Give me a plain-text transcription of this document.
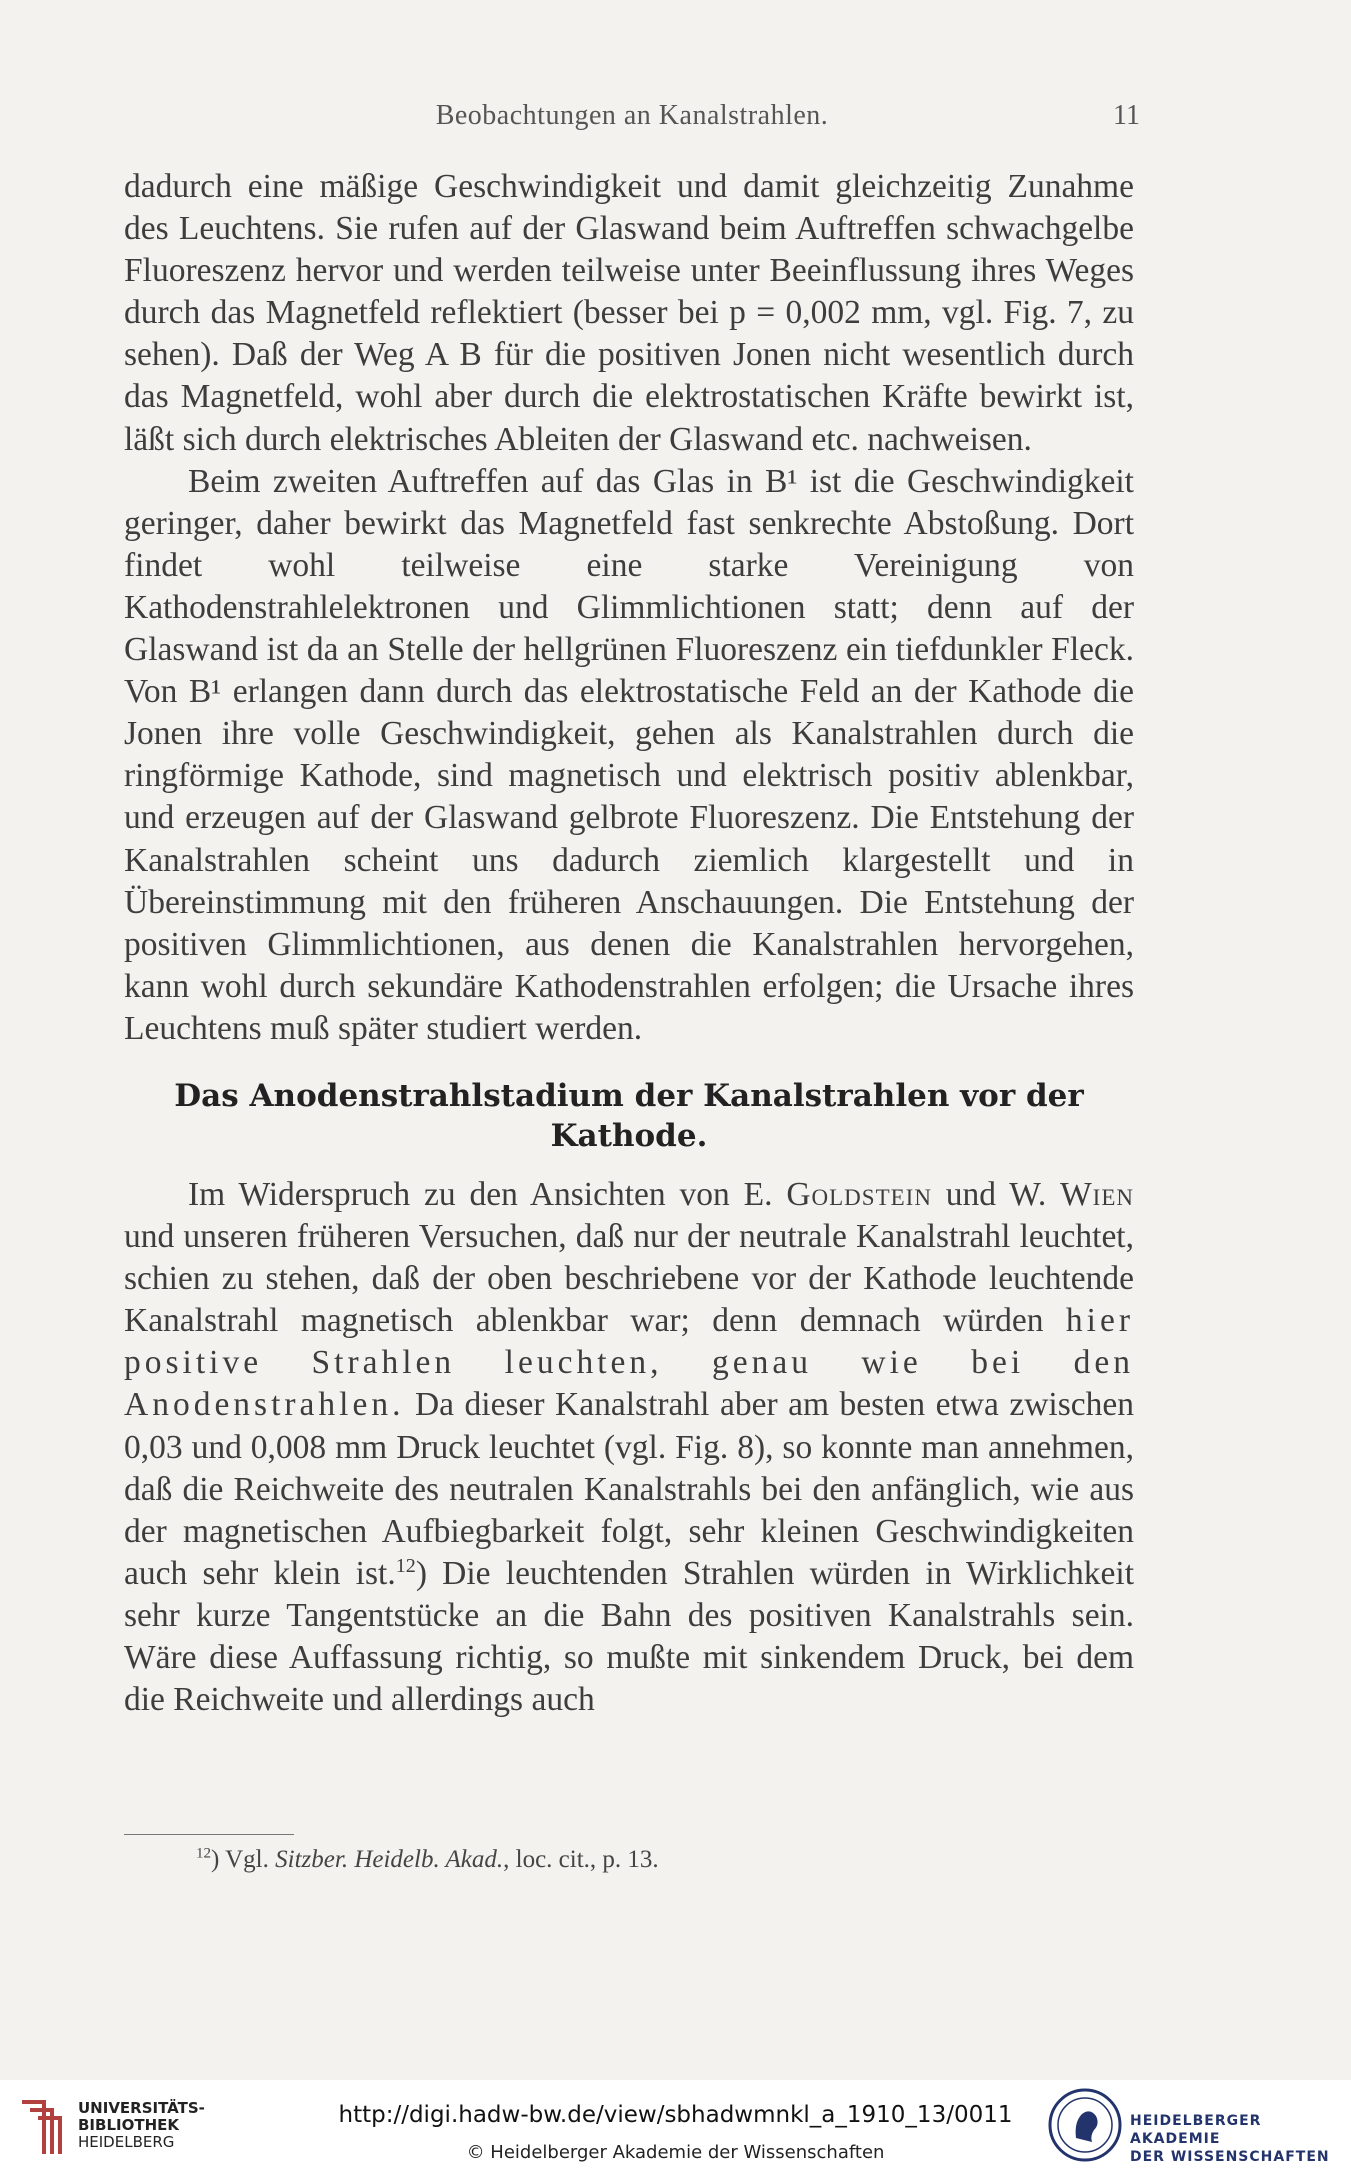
Beobachtungen an Kanalstrahlen.	11

dadurch eine mäßige Geschwindigkeit und damit gleichzeitig Zunahme des Leuchtens. Sie rufen auf der Glaswand beim Auftreffen schwachgelbe Fluoreszenz hervor und werden teilweise unter Beeinflussung ihres Weges durch das Magnetfeld reflektiert (besser bei p = 0,002 mm, vgl. Fig. 7, zu sehen). Daß der Weg A B für die positiven Jonen nicht wesentlich durch das Magnetfeld, wohl aber durch die elektrostatischen Kräfte bewirkt ist, läßt sich durch elektrisches Ableiten der Glaswand etc. nachweisen.

Beim zweiten Auftreffen auf das Glas in B¹ ist die Geschwindigkeit geringer, daher bewirkt das Magnetfeld fast senkrechte Abstoßung. Dort findet wohl teilweise eine starke Vereinigung von Kathodenstrahlelektronen und Glimmlichtionen statt; denn auf der Glaswand ist da an Stelle der hellgrünen Fluoreszenz ein tiefdunkler Fleck. Von B¹ erlangen dann durch das elektrostatische Feld an der Kathode die Jonen ihre volle Geschwindigkeit, gehen als Kanalstrahlen durch die ringförmige Kathode, sind magnetisch und elektrisch positiv ablenkbar, und erzeugen auf der Glaswand gelbrote Fluoreszenz. Die Entstehung der Kanalstrahlen scheint uns dadurch ziemlich klargestellt und in Übereinstimmung mit den früheren Anschauungen. Die Entstehung der positiven Glimmlichtionen, aus denen die Kanalstrahlen hervorgehen, kann wohl durch sekundäre Kathodenstrahlen erfolgen; die Ursache ihres Leuchtens muß später studiert werden.

Das Anodenstrahlstadium der Kanalstrahlen vor der Kathode.

Im Widerspruch zu den Ansichten von E. Goldstein und W. Wien und unseren früheren Versuchen, daß nur der neutrale Kanalstrahl leuchtet, schien zu stehen, daß der oben beschriebene vor der Kathode leuchtende Kanalstrahl magnetisch ablenkbar war; denn demnach würden hier positive Strahlen leuchten, genau wie bei den Anodenstrahlen. Da dieser Kanalstrahl aber am besten etwa zwischen 0,03 und 0,008 mm Druck leuchtet (vgl. Fig. 8), so konnte man annehmen, daß die Reichweite des neutralen Kanalstrahls bei den anfänglich, wie aus der magnetischen Aufbiegbarkeit folgt, sehr kleinen Geschwindigkeiten auch sehr klein ist.$^{12}$) Die leuchtenden Strahlen würden in Wirklichkeit sehr kurze Tangentstücke an die Bahn des positiven Kanalstrahls sein. Wäre diese Auffassung richtig, so mußte mit sinkendem Druck, bei dem die Reichweite und allerdings auch

$^{12}$) Vgl. Sitzber. Heidelb. Akad., loc. cit., p. 13.
UNIVERSITÄTS-
BIBLIOTHEK
HEIDELBERG
http://digi.hadw-bw.de/view/sbhadwmnkl_a_1910_13/0011
© Heidelberger Akademie der Wissenschaften
HEIDELBERGER AKADEMIE
DER WISSENSCHAFTEN
